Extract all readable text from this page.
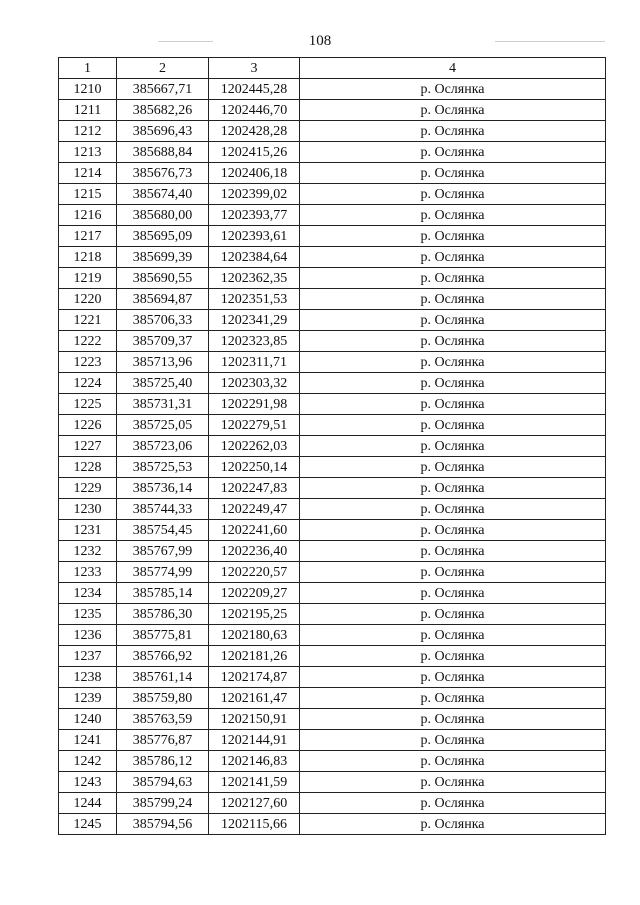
108
1	2	3	4
1210	385667,71	1202445,28	р. Ослянка
1211	385682,26	1202446,70	р. Ослянка
1212	385696,43	1202428,28	р. Ослянка
1213	385688,84	1202415,26	р. Ослянка
1214	385676,73	1202406,18	р. Ослянка
1215	385674,40	1202399,02	р. Ослянка
1216	385680,00	1202393,77	р. Ослянка
1217	385695,09	1202393,61	р. Ослянка
1218	385699,39	1202384,64	р. Ослянка
1219	385690,55	1202362,35	р. Ослянка
1220	385694,87	1202351,53	р. Ослянка
1221	385706,33	1202341,29	р. Ослянка
1222	385709,37	1202323,85	р. Ослянка
1223	385713,96	1202311,71	р. Ослянка
1224	385725,40	1202303,32	р. Ослянка
1225	385731,31	1202291,98	р. Ослянка
1226	385725,05	1202279,51	р. Ослянка
1227	385723,06	1202262,03	р. Ослянка
1228	385725,53	1202250,14	р. Ослянка
1229	385736,14	1202247,83	р. Ослянка
1230	385744,33	1202249,47	р. Ослянка
1231	385754,45	1202241,60	р. Ослянка
1232	385767,99	1202236,40	р. Ослянка
1233	385774,99	1202220,57	р. Ослянка
1234	385785,14	1202209,27	р. Ослянка
1235	385786,30	1202195,25	р. Ослянка
1236	385775,81	1202180,63	р. Ослянка
1237	385766,92	1202181,26	р. Ослянка
1238	385761,14	1202174,87	р. Ослянка
1239	385759,80	1202161,47	р. Ослянка
1240	385763,59	1202150,91	р. Ослянка
1241	385776,87	1202144,91	р. Ослянка
1242	385786,12	1202146,83	р. Ослянка
1243	385794,63	1202141,59	р. Ослянка
1244	385799,24	1202127,60	р. Ослянка
1245	385794,56	1202115,66	р. Ослянка
